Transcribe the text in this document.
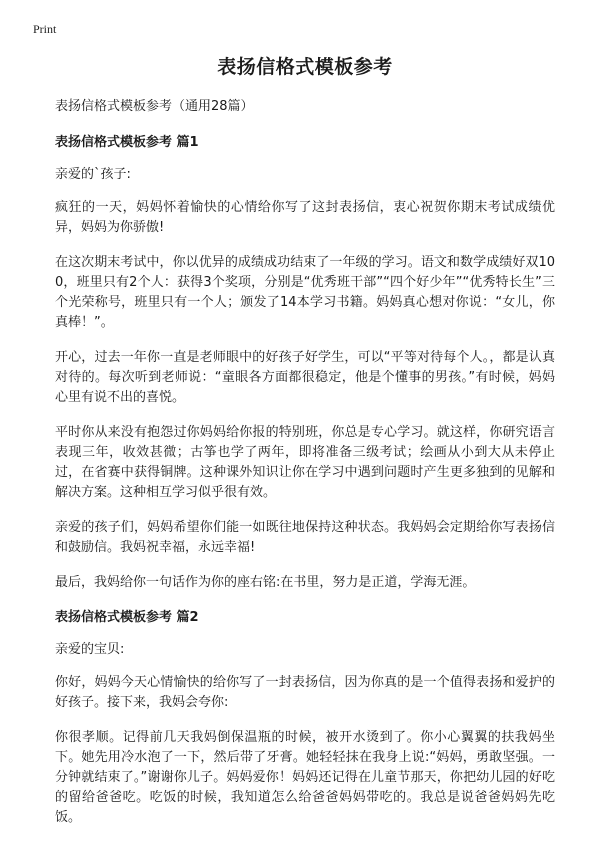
Print
表扬信格式模板参考

表扬信格式模板参考（通用28篇）

表扬信格式模板参考 篇1

亲爱的`孩子:

疯狂的一天，妈妈怀着愉快的心情给你写了这封表扬信，衷心祝贺你期末考试成绩优异，妈妈为你骄傲!

在这次期末考试中，你以优异的成绩成功结束了一年级的学习。语文和数学成绩好双100，班里只有2个人：获得3个奖项，分别是“优秀班干部”“四个好少年”“优秀特长生”三个光荣称号，班里只有一个人；颁发了14本学习书籍。妈妈真心想对你说：“女儿，你真棒！”。

开心，过去一年你一直是老师眼中的好孩子好学生，可以“平等对待每个人。，都是认真对待的。每次听到老师说：“童眼各方面都很稳定，他是个懂事的男孩。”有时候，妈妈心里有说不出的喜悦。

平时你从来没有抱怨过你妈妈给你报的特别班，你总是专心学习。就这样，你研究语言表现三年，收效甚微；古筝也学了两年，即将准备三级考试；绘画从小到大从未停止过，在省赛中获得铜牌。这种课外知识让你在学习中遇到问题时产生更多独到的见解和解决方案。这种相互学习似乎很有效。

亲爱的孩子们，妈妈希望你们能一如既往地保持这种状态。我妈妈会定期给你写表扬信和鼓励信。我妈祝幸福，永远幸福!

最后，我妈给你一句话作为你的座右铭:在书里，努力是正道，学海无涯。

表扬信格式模板参考 篇2

亲爱的宝贝:

你好，妈妈今天心情愉快的给你写了一封表扬信，因为你真的是一个值得表扬和爱护的好孩子。接下来，我妈会夸你:

你很孝顺。记得前几天我妈倒保温瓶的时候，被开水烫到了。你小心翼翼的扶我妈坐下。她先用冷水泡了一下，然后带了牙膏。她轻轻抹在我身上说:“妈妈，勇敢坚强。一分钟就结束了。”谢谢你儿子。妈妈爱你！妈妈还记得在儿童节那天，你把幼儿园的好吃的留给爸爸吃。吃饭的时候，我知道怎么给爸爸妈妈带吃的。我总是说爸爸妈妈先吃饭。
